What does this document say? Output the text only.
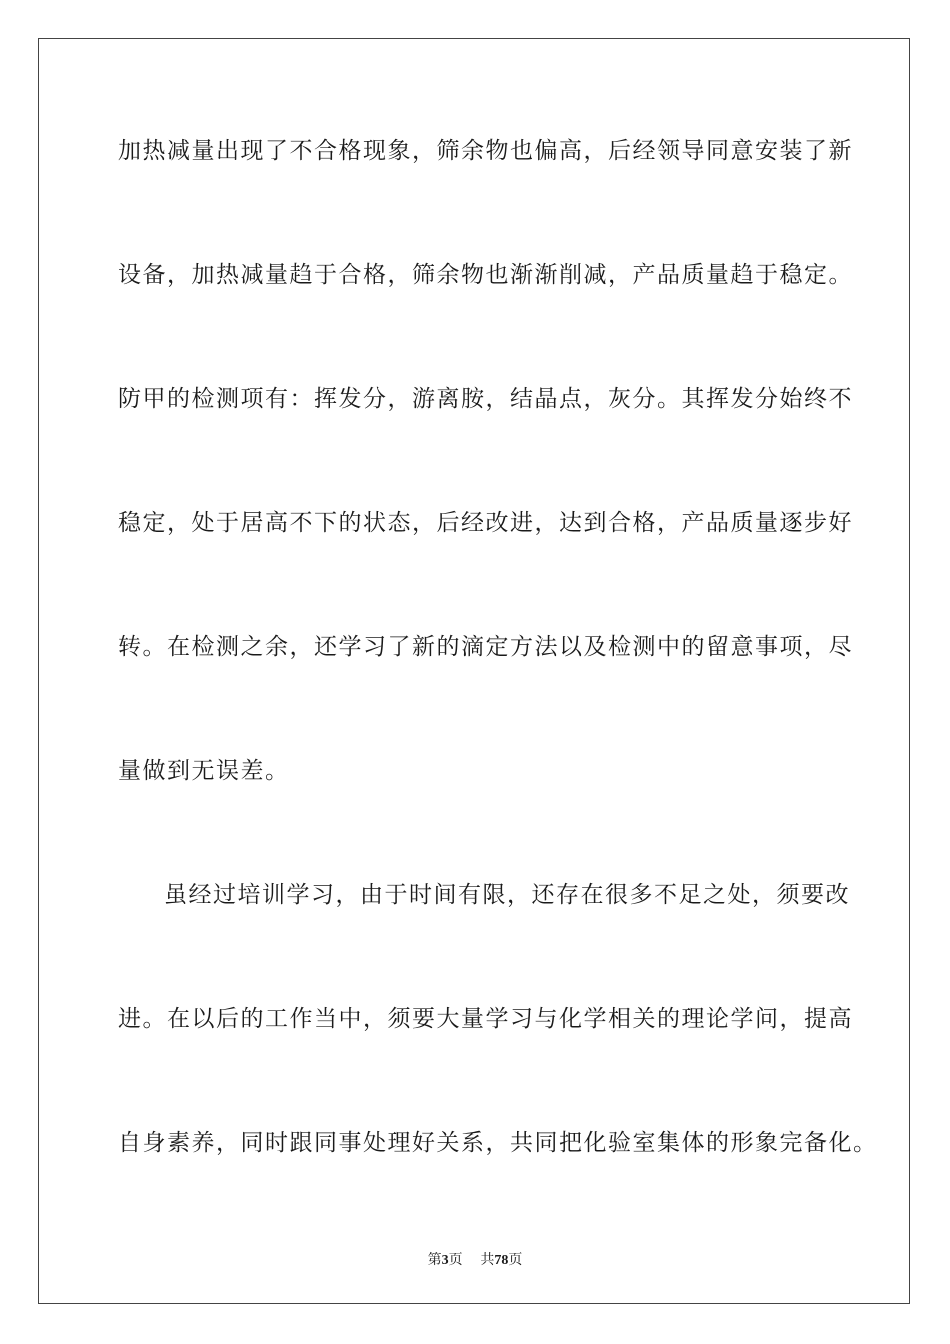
加热减量出现了不合格现象，筛余物也偏高，后经领导同意安装了新
设备，加热减量趋于合格，筛余物也渐渐削减，产品质量趋于稳定。
防甲的检测项有：挥发分，游离胺，结晶点，灰分。其挥发分始终不
稳定，处于居高不下的状态，后经改进，达到合格，产品质量逐步好
转。在检测之余，还学习了新的滴定方法以及检测中的留意事项，尽
量做到无误差。
虽经过培训学习，由于时间有限，还存在很多不足之处，须要改
进。在以后的工作当中，须要大量学习与化学相关的理论学问，提高
自身素养，同时跟同事处理好关系，共同把化验室集体的形象完备化。
第3页 共78页
